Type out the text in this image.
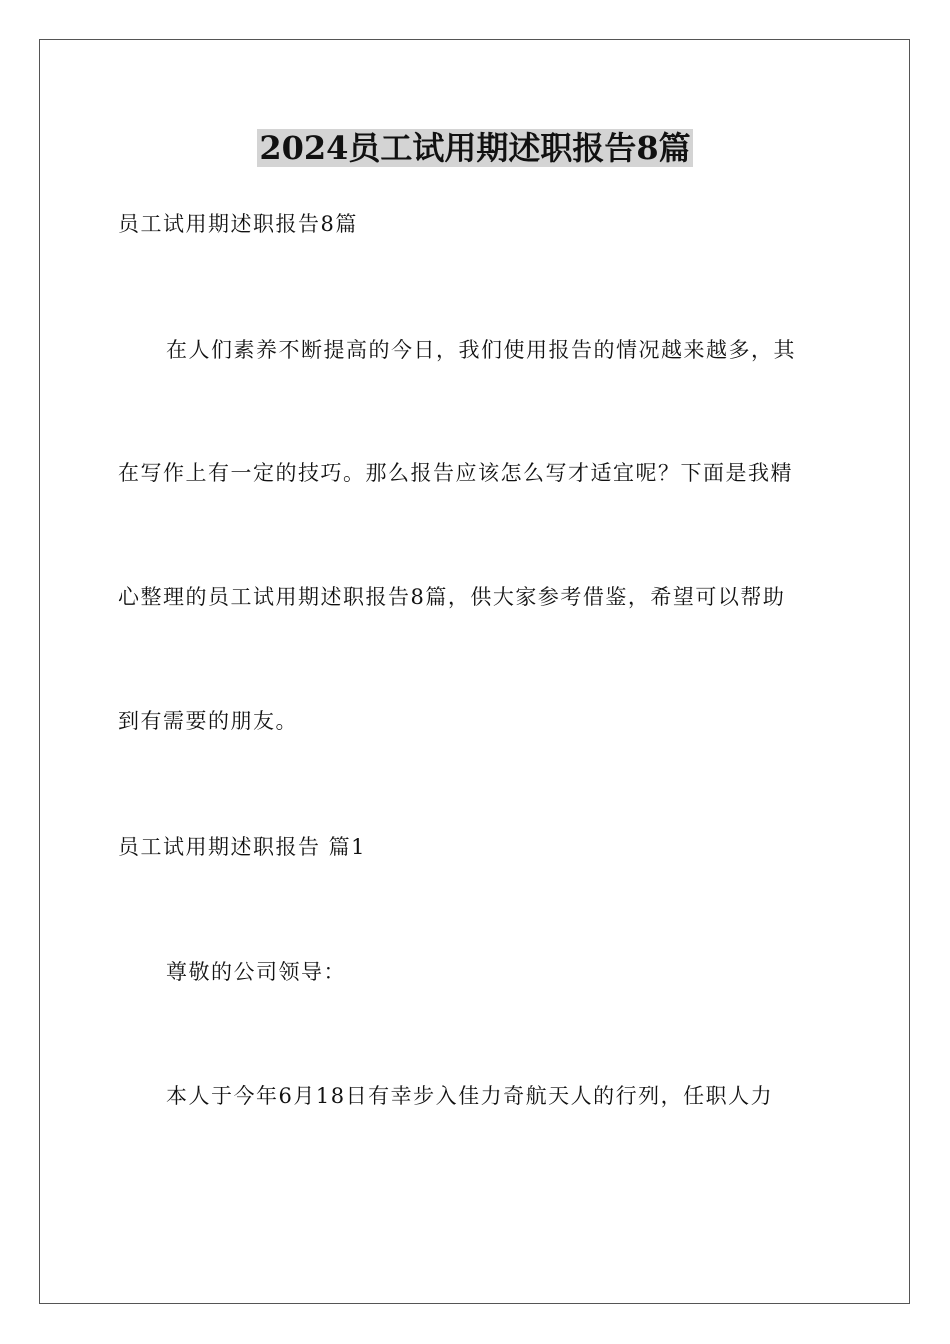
2024员工试用期述职报告8篇

员工试用期述职报告8篇

在人们素养不断提高的今日，我们使用报告的情况越来越多，其

在写作上有一定的技巧。那么报告应该怎么写才适宜呢？下面是我精

心整理的员工试用期述职报告8篇，供大家参考借鉴，希望可以帮助

到有需要的朋友。

员工试用期述职报告 篇1

尊敬的公司领导：

本人于今年6月18日有幸步入佳力奇航天人的行列，任职人力
